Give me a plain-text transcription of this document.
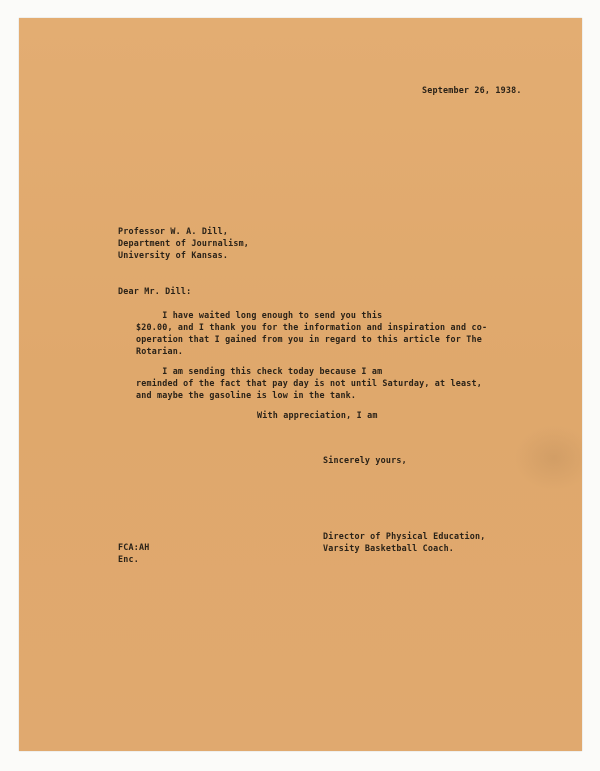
September 26, 1938.
Professor W. A. Dill,
Department of Journalism,
University of Kansas.
Dear Mr. Dill:
I have waited long enough to send you this
$20.00, and I thank you for the information and inspiration and co-
operation that I gained from you in regard to this article for The
Rotarian.
I am sending this check today because I am
reminded of the fact that pay day is not until Saturday, at least,
and maybe the gasoline is low in the tank.
With appreciation, I am
Sincerely yours,
Director of Physical Education,
Varsity Basketball Coach.
FCA:AH
Enc.
